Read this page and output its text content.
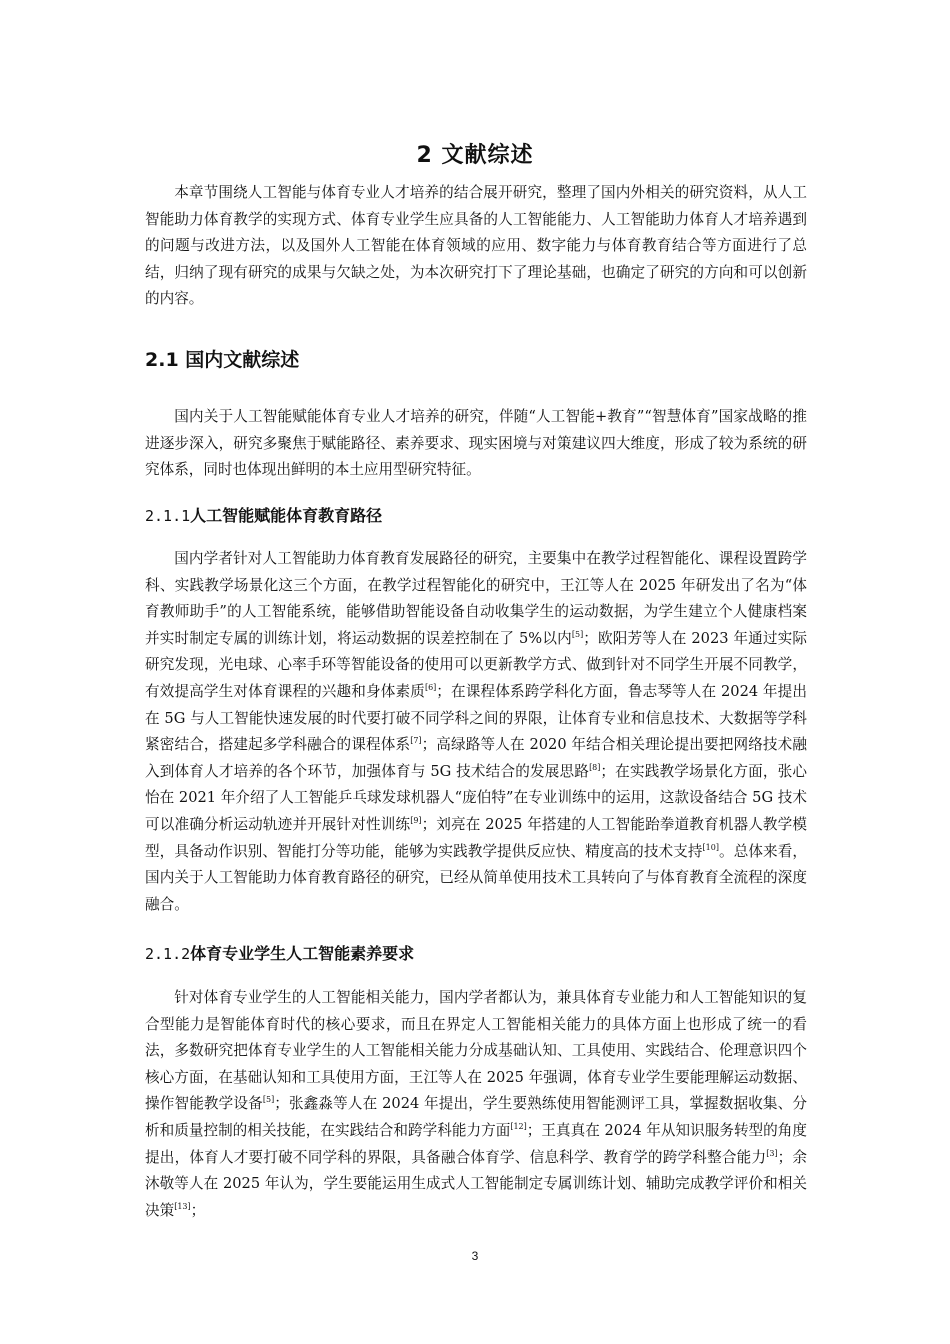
2 文献综述

本章节围绕人工智能与体育专业人才培养的结合展开研究，整理了国内外相关的研究资料，从人工智能助力体育教学的实现方式、体育专业学生应具备的人工智能能力、人工智能助力体育人才培养遇到的问题与改进方法，以及国外人工智能在体育领域的应用、数字能力与体育教育结合等方面进行了总结，归纳了现有研究的成果与欠缺之处，为本次研究打下了理论基础，也确定了研究的方向和可以创新的内容。

2.1 国内文献综述

国内关于人工智能赋能体育专业人才培养的研究，伴随“人工智能+教育”“智慧体育”国家战略的推进逐步深入，研究多聚焦于赋能路径、素养要求、现实困境与对策建议四大维度，形成了较为系统的研究体系，同时也体现出鲜明的本土应用型研究特征。

2.1.1人工智能赋能体育教育路径

国内学者针对人工智能助力体育教育发展路径的研究，主要集中在教学过程智能化、课程设置跨学科、实践教学场景化这三个方面，在教学过程智能化的研究中，王江等人在 2025 年研发出了名为“体育教师助手”的人工智能系统，能够借助智能设备自动收集学生的运动数据，为学生建立个人健康档案并实时制定专属的训练计划，将运动数据的误差控制在了 5%以内[5]；欧阳芳等人在 2023 年通过实际研究发现，光电球、心率手环等智能设备的使用可以更新教学方式、做到针对不同学生开展不同教学，有效提高学生对体育课程的兴趣和身体素质[6]；在课程体系跨学科化方面，鲁志琴等人在 2024 年提出在 5G 与人工智能快速发展的时代要打破不同学科之间的界限，让体育专业和信息技术、大数据等学科紧密结合，搭建起多学科融合的课程体系[7]；高绿路等人在 2020 年结合相关理论提出要把网络技术融入到体育人才培养的各个环节，加强体育与 5G 技术结合的发展思路[8]；在实践教学场景化方面，张心怡在 2021 年介绍了人工智能乒乓球发球机器人“庞伯特”在专业训练中的运用，这款设备结合 5G 技术可以准确分析运动轨迹并开展针对性训练[9]；刘亮在 2025 年搭建的人工智能跆拳道教育机器人教学模型，具备动作识别、智能打分等功能，能够为实践教学提供反应快、精度高的技术支持[10]。总体来看，国内关于人工智能助力体育教育路径的研究，已经从简单使用技术工具转向了与体育教育全流程的深度融合。

2.1.2体育专业学生人工智能素养要求

针对体育专业学生的人工智能相关能力，国内学者都认为，兼具体育专业能力和人工智能知识的复合型能力是智能体育时代的核心要求，而且在界定人工智能相关能力的具体方面上也形成了统一的看法，多数研究把体育专业学生的人工智能相关能力分成基础认知、工具使用、实践结合、伦理意识四个核心方面，在基础认知和工具使用方面，王江等人在 2025 年强调，体育专业学生要能理解运动数据、操作智能教学设备[5]；张鑫淼等人在 2024 年提出，学生要熟练使用智能测评工具，掌握数据收集、分析和质量控制的相关技能，在实践结合和跨学科能力方面[12]；王真真在 2024 年从知识服务转型的角度提出，体育人才要打破不同学科的界限，具备融合体育学、信息科学、教育学的跨学科整合能力[3]；余沐敬等人在 2025 年认为，学生要能运用生成式人工智能制定专属训练计划、辅助完成教学评价和相关决策[13]；

3
